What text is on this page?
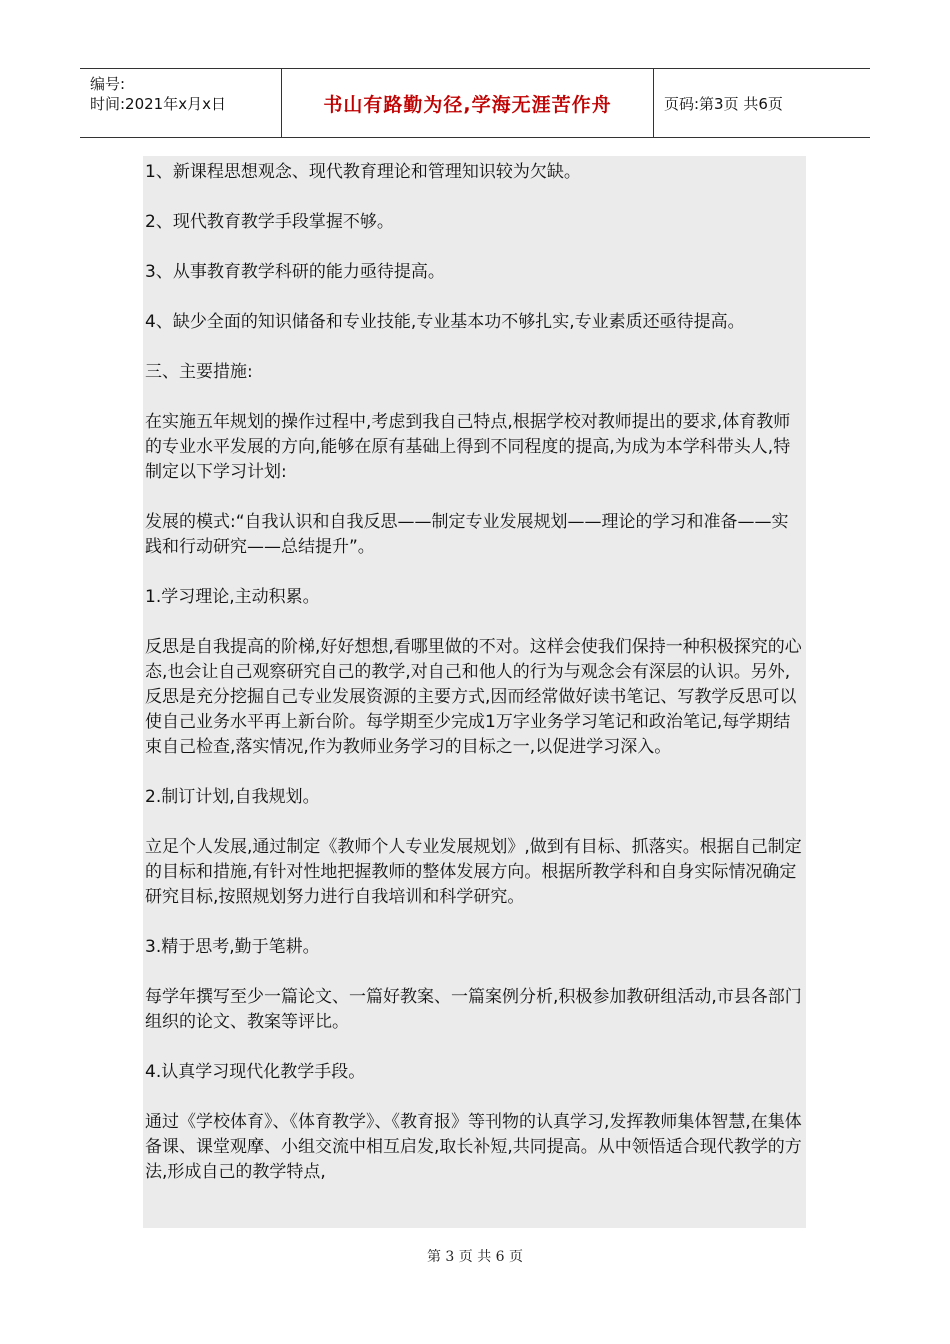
编号:
时间:2021年x月x日	书山有路勤为径,学海无涯苦作舟	页码:第3页 共6页

1、新课程思想观念、现代教育理论和管理知识较为欠缺。

2、现代教育教学手段掌握不够。

3、从事教育教学科研的能力亟待提高。

4、缺少全面的知识储备和专业技能,专业基本功不够扎实,专业素质还亟待提高。

三、主要措施:

在实施五年规划的操作过程中,考虑到我自己特点,根据学校对教师提出的要求,体育教师的专业水平发展的方向,能够在原有基础上得到不同程度的提高,为成为本学科带头人,特制定以下学习计划:

发展的模式:“自我认识和自我反思——制定专业发展规划——理论的学习和准备——实践和行动研究——总结提升”。

1.学习理论,主动积累。

反思是自我提高的阶梯,好好想想,看哪里做的不对。这样会使我们保持一种积极探究的心态,也会让自己观察研究自己的教学,对自己和他人的行为与观念会有深层的认识。另外,反思是充分挖掘自己专业发展资源的主要方式,因而经常做好读书笔记、写教学反思可以使自己业务水平再上新台阶。每学期至少完成1万字业务学习笔记和政治笔记,每学期结束自己检查,落实情况,作为教师业务学习的目标之一,以促进学习深入。

2.制订计划,自我规划。

立足个人发展,通过制定《教师个人专业发展规划》,做到有目标、抓落实。根据自己制定的目标和措施,有针对性地把握教师的整体发展方向。根据所教学科和自身实际情况确定研究目标,按照规划努力进行自我培训和科学研究。

3.精于思考,勤于笔耕。

每学年撰写至少一篇论文、一篇好教案、一篇案例分析,积极参加教研组活动,市县各部门组织的论文、教案等评比。

4.认真学习现代化教学手段。

通过《学校体育》、《体育教学》、《教育报》等刊物的认真学习,发挥教师集体智慧,在集体备课、课堂观摩、小组交流中相互启发,取长补短,共同提高。从中领悟适合现代教学的方法,形成自己的教学特点,

第 3 页 共 6 页
